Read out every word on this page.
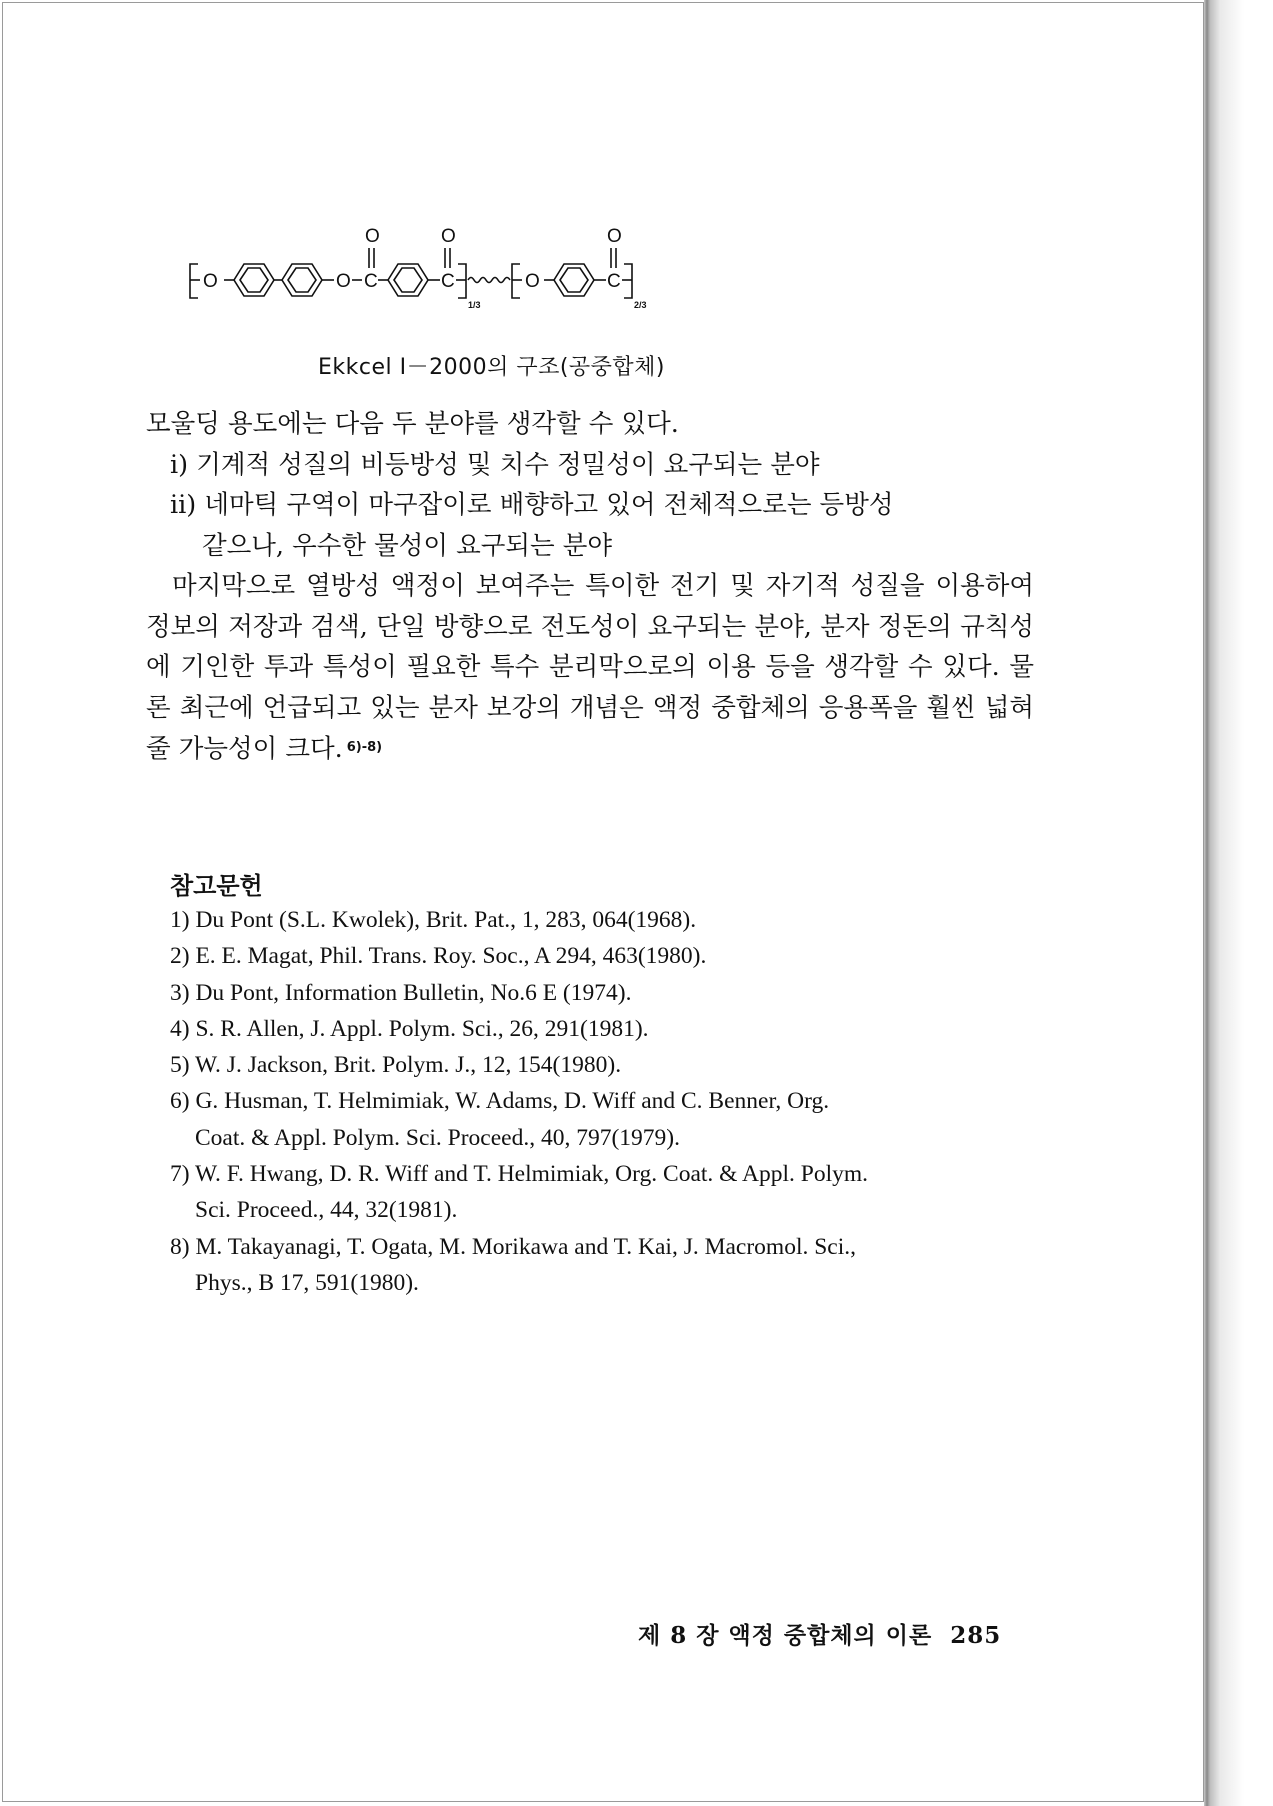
O	O C
O
C
O
O	C
O
1/3	2/3
Ekkcel I－2000의 구조(공중합체)

모울딩 용도에는 다음 두 분야를 생각할 수 있다.

ⅰ) 기계적 성질의 비등방성 및 치수 정밀성이 요구되는 분야

ⅱ) 네마틱 구역이 마구잡이로 배향하고 있어 전체적으로는 등방성

같으나, 우수한 물성이 요구되는 분야

마지막으로 열방성 액정이 보여주는 특이한 전기 및 자기적 성질을 이용하여 정보의 저장과 검색, 단일 방향으로 전도성이 요구되는 분야, 분자 정돈의 규칙성에 기인한 투과 특성이 필요한 특수 분리막으로의 이용 등을 생각할 수 있다. 물론 최근에 언급되고 있는 분자 보강의 개념은 액정 중합체의 응용폭을 훨씬 넓혀줄 가능성이 크다. $^{6)-8)}$

참고문헌
1) Du Pont (S.L. Kwolek), Brit. Pat., 1, 283, 064(1968).
2) E. E. Magat, Phil. Trans. Roy. Soc., A 294, 463(1980).
3) Du Pont, Information Bulletin, No.6 E (1974).
4) S. R. Allen, J. Appl. Polym. Sci., 26, 291(1981).
5) W. J. Jackson, Brit. Polym. J., 12, 154(1980).
6) G. Husman, T. Helmimiak, W. Adams, D. Wiff and C. Benner, Org.
Coat. & Appl. Polym. Sci. Proceed., 40, 797(1979).
7) W. F. Hwang, D. R. Wiff and T. Helmimiak, Org. Coat. & Appl. Polym.
Sci. Proceed., 44, 32(1981).
8) M. Takayanagi, T. Ogata, M. Morikawa and T. Kai, J. Macromol. Sci.,
Phys., B 17, 591(1980).
제 8 장 액정 중합체의 이론 285
